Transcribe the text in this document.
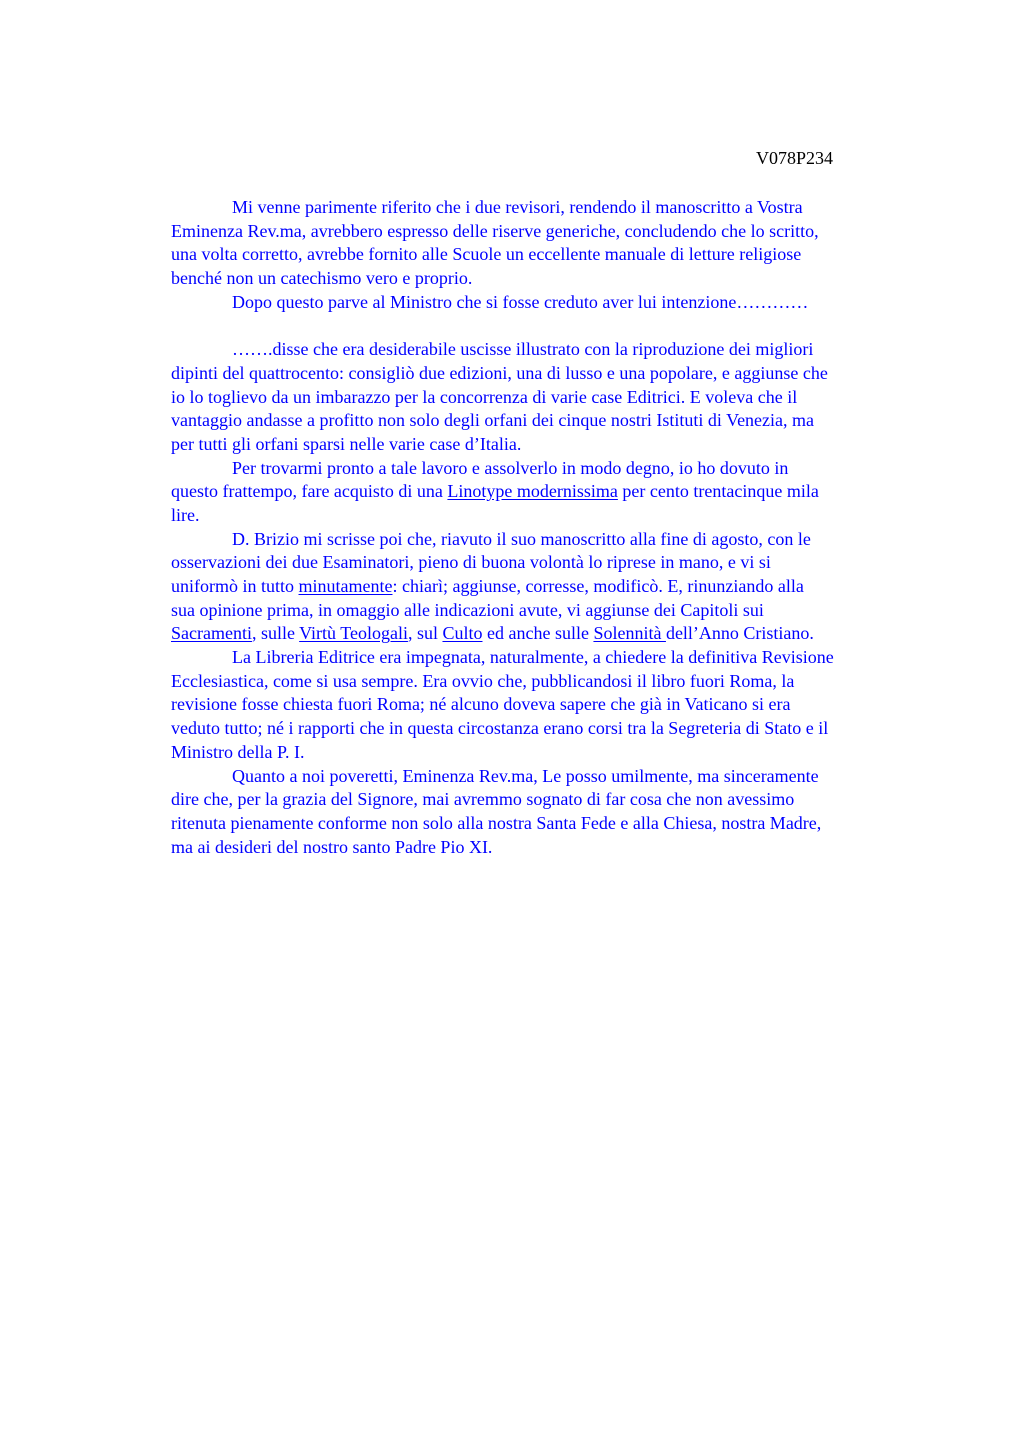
V078P234
Mi venne parimente riferito che i due revisori, rendendo il manoscritto a Vostra
Eminenza Rev.ma, avrebbero espresso delle riserve generiche, concludendo che lo scritto,
una volta corretto, avrebbe fornito alle Scuole un eccellente manuale di letture religiose
benché non un catechismo vero e proprio.
Dopo questo parve al Ministro che si fosse creduto aver lui intenzione…………
…….disse che era desiderabile uscisse illustrato con la riproduzione dei migliori
dipinti del quattrocento: consigliò due edizioni, una di lusso e una popolare, e aggiunse che
io lo toglievo da un imbarazzo per la concorrenza di varie case Editrici. E voleva che il
vantaggio andasse a profitto non solo degli orfani dei cinque nostri Istituti di Venezia, ma
per tutti gli orfani sparsi nelle varie case d’Italia.
Per trovarmi pronto a tale lavoro e assolverlo in modo degno, io ho dovuto in
questo frattempo, fare acquisto di una Linotype modernissima per cento trentacinque mila
lire.
D. Brizio mi scrisse poi che, riavuto il suo manoscritto alla fine di agosto, con le
osservazioni dei due Esaminatori, pieno di buona volontà lo riprese in mano, e vi si
uniformò in tutto minutamente: chiarì; aggiunse, corresse, modificò. E, rinunziando alla
sua opinione prima, in omaggio alle indicazioni avute, vi aggiunse dei Capitoli sui
Sacramenti, sulle Virtù Teologali, sul Culto ed anche sulle Solennità dell’Anno Cristiano.
La Libreria Editrice era impegnata, naturalmente, a chiedere la definitiva Revisione
Ecclesiastica, come si usa sempre. Era ovvio che, pubblicandosi il libro fuori Roma, la
revisione fosse chiesta fuori Roma; né alcuno doveva sapere che già in Vaticano si era
veduto tutto; né i rapporti che in questa circostanza erano corsi tra la Segreteria di Stato e il
Ministro della P. I.
Quanto a noi poveretti, Eminenza Rev.ma, Le posso umilmente, ma sinceramente
dire che, per la grazia del Signore, mai avremmo sognato di far cosa che non avessimo
ritenuta pienamente conforme non solo alla nostra Santa Fede e alla Chiesa, nostra Madre,
ma ai desideri del nostro santo Padre Pio XI.
